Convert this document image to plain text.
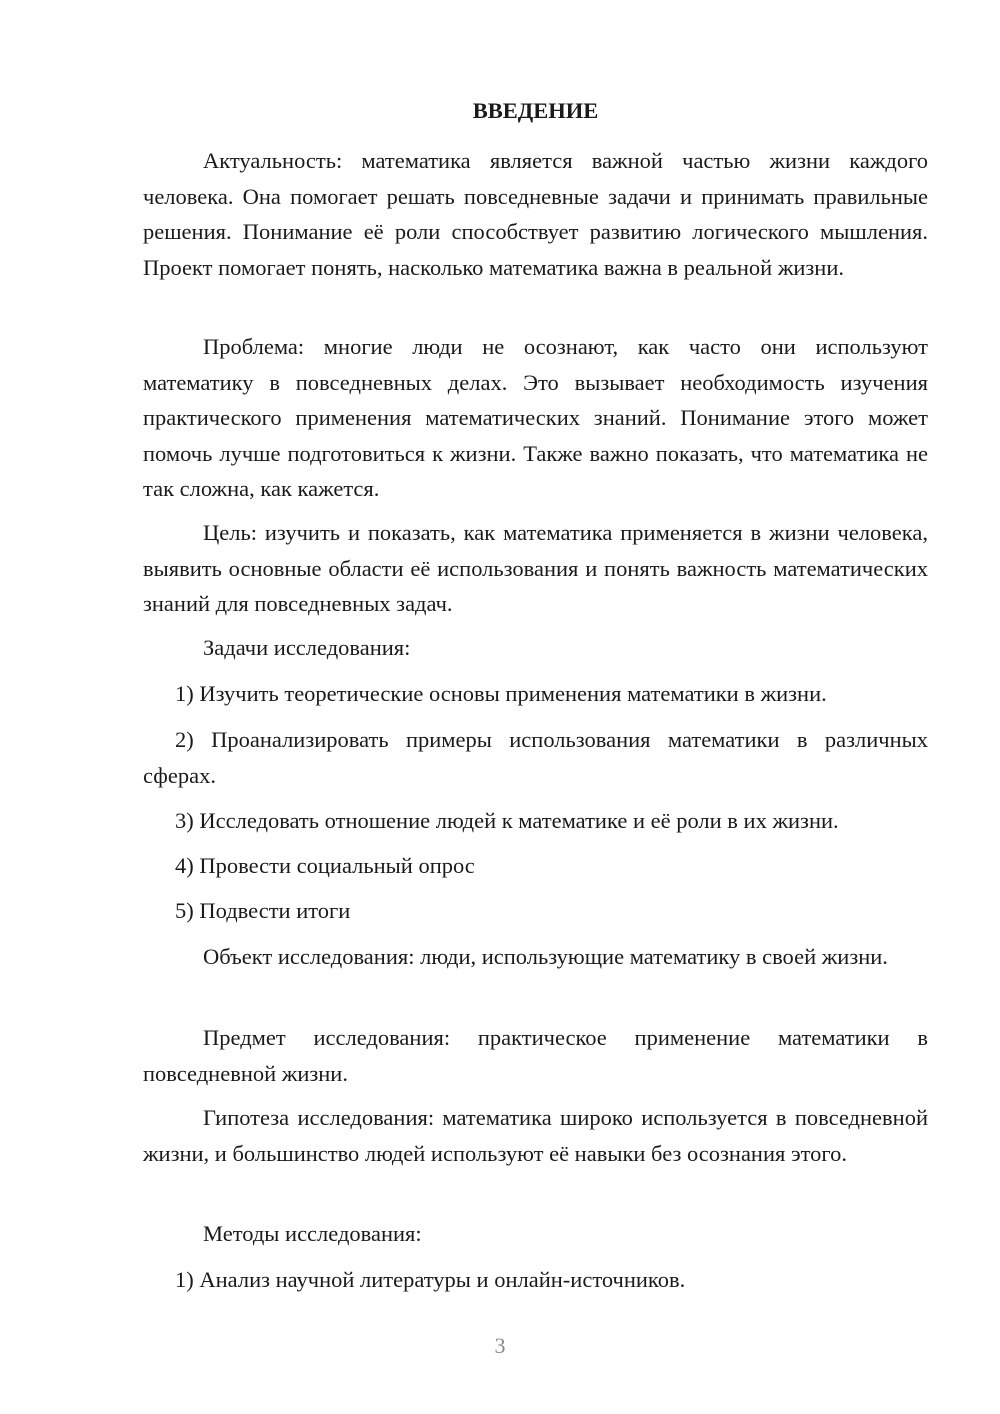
ВВЕДЕНИЕ

Актуальность: математика является важной частью жизни каждого человека. Она помогает решать повседневные задачи и принимать правильные решения. Понимание её роли способствует развитию логического мышления. Проект помогает понять, насколько математика важна в реальной жизни.

Проблема: многие люди не осознают, как часто они используют математику в повседневных делах. Это вызывает необходимость изучения практического применения математических знаний. Понимание этого может помочь лучше подготовиться к жизни. Также важно показать, что математика не так сложна, как кажется.

Цель: изучить и показать, как математика применяется в жизни человека, выявить основные области её использования и понять важность математических знаний для повседневных задач.

Задачи исследования:

1) Изучить теоретические основы применения математики в жизни.

2) Проанализировать примеры использования математики в различных сферах.

3) Исследовать отношение людей к математике и её роли в их жизни.

4) Провести социальный опрос

5) Подвести итоги

Объект исследования: люди, использующие математику в своей жизни.

Предмет исследования: практическое применение математики в повседневной жизни.

Гипотеза исследования: математика широко используется в повседневной жизни, и большинство людей используют её навыки без осознания этого.

Методы исследования:

1) Анализ научной литературы и онлайн-источников.

3
